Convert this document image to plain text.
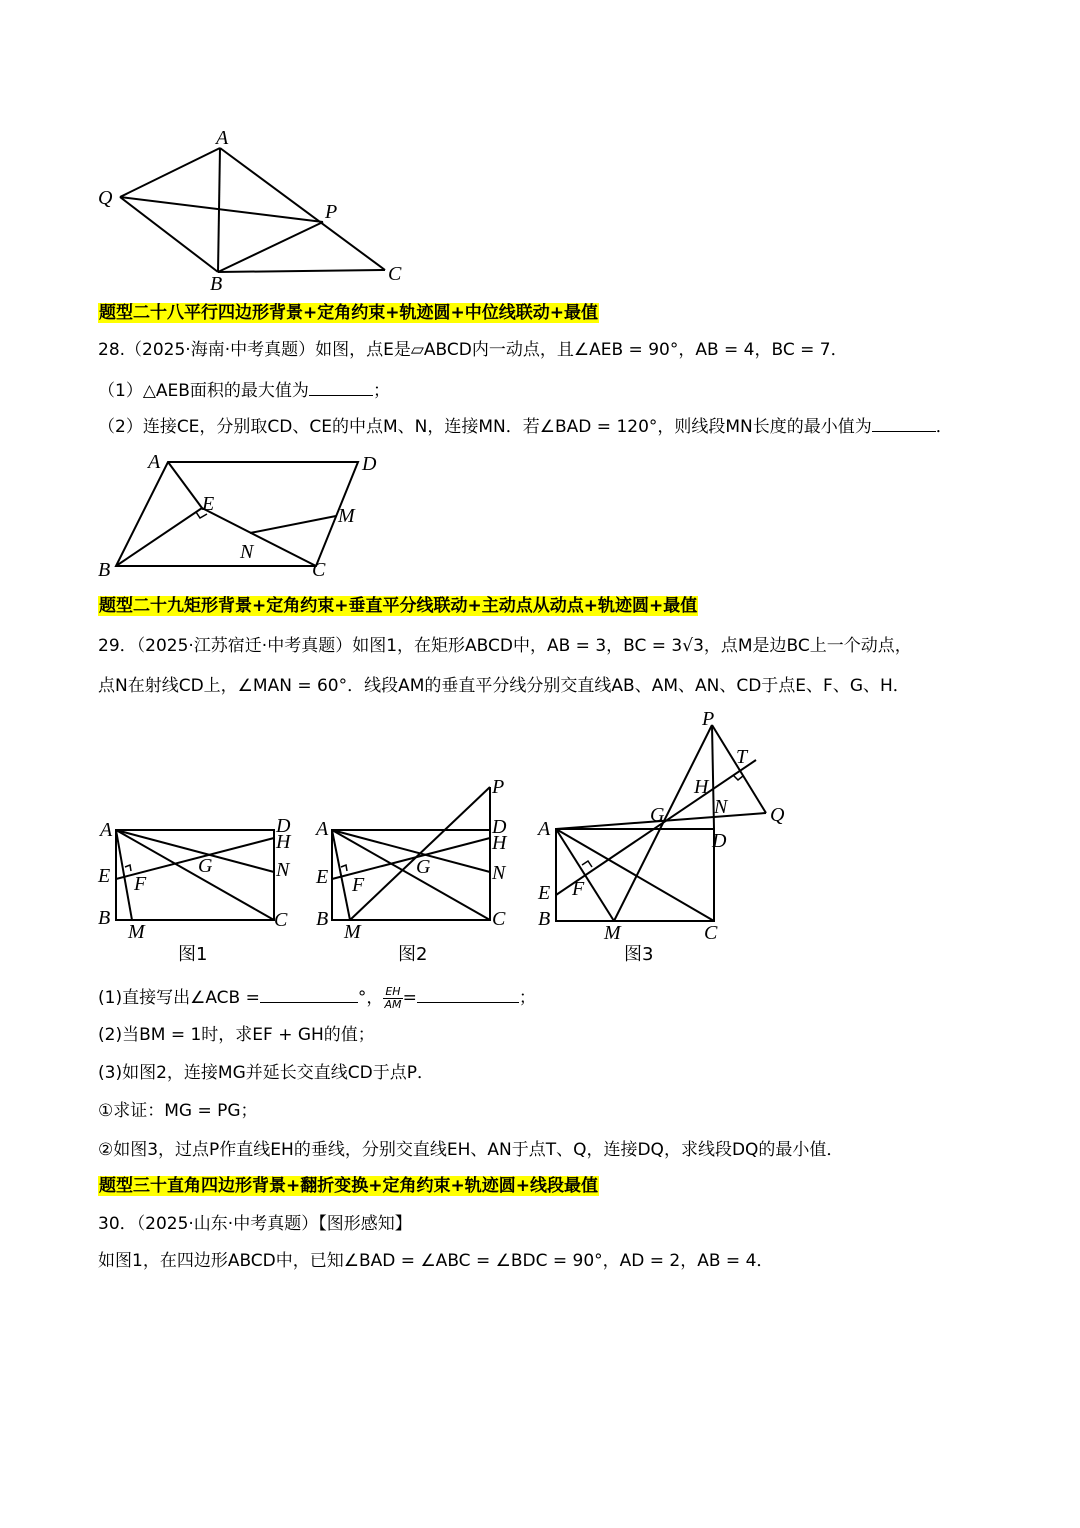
A
Q
P
B	C
题型二十八平行四边形背景+定角约束+轨迹圆+中位线联动+最值
28.（2025·海南·中考真题）如图，点E是▱ABCD内一动点，且∠AEB = 90°，AB = 4，BC = 7．
（1）△AEB面积的最大值为	；
（2）连接CE，分别取CD、CE的中点M、N，连接MN．若∠BAD = 120°，则线段MN长度的最小值为	．
A	D
E
M
N
B	C
题型二十九矩形背景+定角约束+垂直平分线联动+主动点从动点+轨迹圆+最值
29．（2025·江苏宿迁·中考真题）如图1，在矩形ABCD中，AB = 3，BC = 3√3，点M是边BC上一个动点，
点N在射线CD上，∠MAN = 60°．线段AM的垂直平分线分别交直线AB、AM、AN、CD于点E、F、G、H．
A	D
H
N
G
E F
B
M
C
图1
P
A	D
H
G	N
E F
B
M
C
图2
P
T
H
N
G	Q
A
D
E F
B
M	C
图3
(1)直接写出∠ACB =	°， $\frac{EH}{AM}$ =	；
(2)当BM = 1时，求EF + GH的值；
(3)如图2，连接MG并延长交直线CD于点P．
①求证：MG = PG；
②如图3，过点P作直线EH的垂线，分别交直线EH、AN于点T、Q，连接DQ，求线段DQ的最小值．
题型三十直角四边形背景+翻折变换+定角约束+轨迹圆+线段最值
30．（2025·山东·中考真题）【图形感知】
如图1，在四边形ABCD中，已知∠BAD = ∠ABC = ∠BDC = 90°，AD = 2，AB = 4．
